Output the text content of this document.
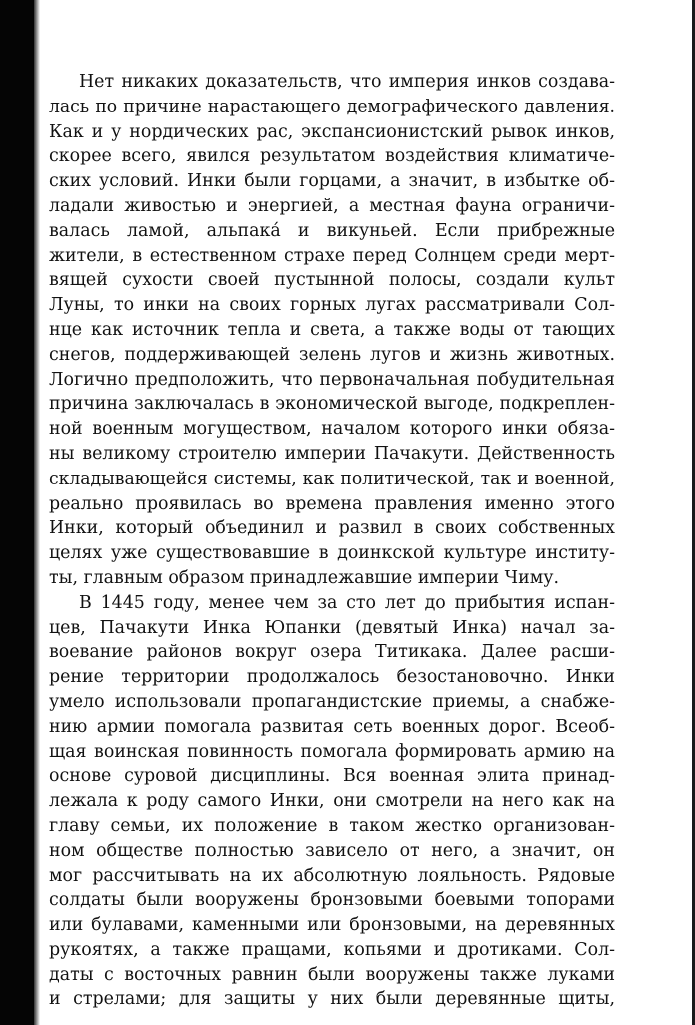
Нет никаких доказательств, что империя инков создава-
лась по причине нарастающего демографического давления.
Как и у нордических рас, экспансионистский рывок инков,
скорее всего, явился результатом воздействия климатиче-
ских условий. Инки были горцами, а значит, в избытке об-
ладали живостью и энергией, а местная фауна ограничи-
валась ламой, альпака́ и викуньей. Если прибрежные
жители, в естественном страхе перед Солнцем среди мерт-
вящей сухости своей пустынной полосы, создали культ
Луны, то инки на своих горных лугах рассматривали Сол-
нце как источник тепла и света, а также воды от тающих
снегов, поддерживающей зелень лугов и жизнь животных.
Логично предположить, что первоначальная побудительная
причина заключалась в экономической выгоде, подкреплен-
ной военным могуществом, началом которого инки обяза-
ны великому строителю империи Пачакути. Действенность
складывающейся системы, как политической, так и военной,
реально проявилась во времена правления именно этого
Инки, который объединил и развил в своих собственных
целях уже существовавшие в доинкской культуре институ-
ты, главным образом принадлежавшие империи Чиму.
В 1445 году, менее чем за сто лет до прибытия испан-
цев, Пачакути Инка Юпанки (девятый Инка) начал за-
воевание районов вокруг озера Титикака. Далее расши-
рение территории продолжалось безостановочно. Инки
умело использовали пропагандистские приемы, а снабже-
нию армии помогала развитая сеть военных дорог. Всеоб-
щая воинская повинность помогала формировать армию на
основе суровой дисциплины. Вся военная элита принад-
лежала к роду самого Инки, они смотрели на него как на
главу семьи, их положение в таком жестко организован-
ном обществе полностью зависело от него, а значит, он
мог рассчитывать на их абсолютную лояльность. Рядовые
солдаты были вооружены бронзовыми боевыми топорами
или булавами, каменными или бронзовыми, на деревянных
рукоятях, а также пращами, копьями и дротиками. Сол-
даты с восточных равнин были вооружены также луками
и стрелами; для защиты у них были деревянные щиты,
